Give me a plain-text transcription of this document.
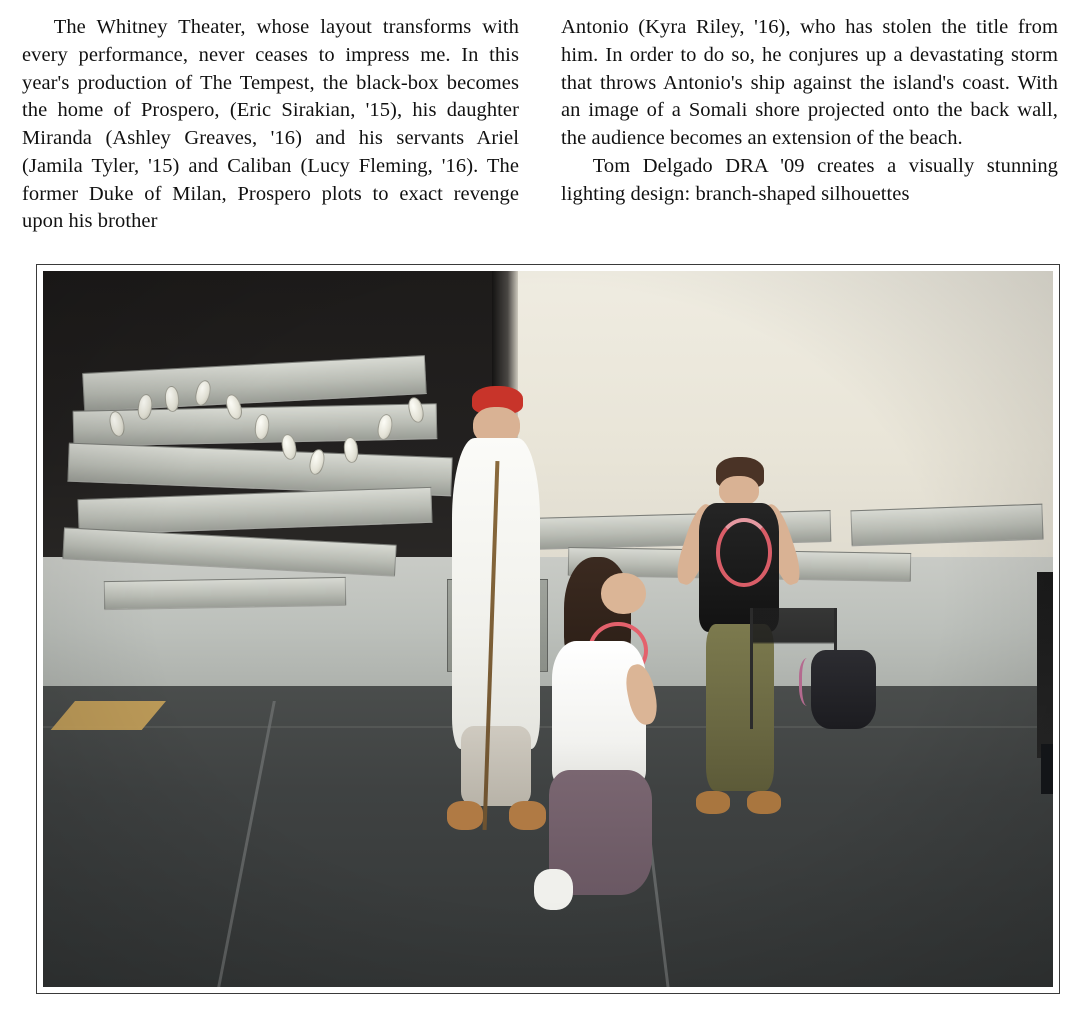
The Whitney Theater, whose layout transforms with every performance, never ceases to impress me. In this year's production of The Tempest, the black-box becomes the home of Prospero, (Eric Sirakian, '15), his daughter Miranda (Ashley Greaves, '16) and his servants Ariel (Jamila Tyler, '15) and Caliban (Lucy Fleming, '16). The former Duke of Milan, Prospero plots to exact revenge upon his brother

Antonio (Kyra Riley, '16), who has stolen the title from him. In order to do so, he conjures up a devastating storm that throws Antonio's ship against the island's coast. With an image of a Somali shore projected onto the back wall, the audience becomes an extension of the beach.

Tom Delgado DRA '09 creates a visually stunning lighting design: branch-shaped silhouettes
